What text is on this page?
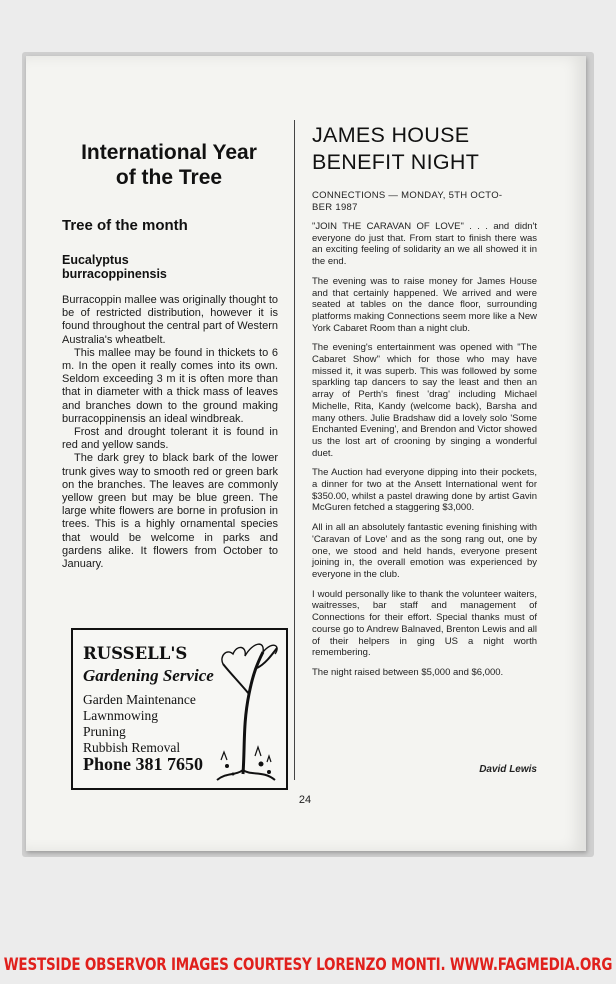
International Year
of the Tree
Tree of the month
Eucalyptus
burracoppinensis

Burracoppin mallee was originally thought to be of restricted distribution, however it is found throughout the central part of Western Australia's wheatbelt.

This mallee may be found in thickets to 6 m. In the open it really comes into its own. Seldom exceeding 3 m it is often more than that in diameter with a thick mass of leaves and branches down to the ground making burracoppinensis an ideal windbreak.

Frost and drought tolerant it is found in red and yellow sands.

The dark grey to black bark of the lower trunk gives way to smooth red or green bark on the branches. The leaves are commonly yellow green but may be blue green. The large white flowers are borne in profusion in trees. This is a highly ornamental species that would be welcome in parks and gardens alike. It flowers from October to January.

RUSSELL'S
Gardening Service
Garden Maintenance
Lawnmowing
Pruning
Rubbish Removal
Phone 381 7650
JAMES HOUSE
BENEFIT NIGHT
CONNECTIONS — MONDAY, 5TH OCTO-
BER 1987

"JOIN THE CARAVAN OF LOVE" . . . and didn't everyone do just that. From start to finish there was an exciting feeling of solidarity an we all showed it in the end.

The evening was to raise money for James House and that certainly happened. We arrived and were seated at tables on the dance floor, surrounding platforms making Connections seem more like a New York Cabaret Room than a night club.

The evening's entertainment was opened with "The Cabaret Show" which for those who may have missed it, it was superb. This was followed by some sparkling tap dancers to say the least and then an array of Perth's finest 'drag' including Michael Michelle, Rita, Kandy (welcome back), Barsha and many others. Julie Bradshaw did a lovely solo 'Some Enchanted Evening', and Brendon and Victor showed us the lost art of crooning by singing a wonderful duet.

The Auction had everyone dipping into their pockets, a dinner for two at the Ansett International went for $350.00, whilst a pastel drawing done by artist Gavin McGuren fetched a staggering $3,000.

All in all an absolutely fantastic evening finishing with 'Caravan of Love' and as the song rang out, one by one, we stood and held hands, everyone present joining in, the overall emotion was experienced by everyone in the club.

I would personally like to thank the volunteer waiters, waitresses, bar staff and management of Connections for their effort. Special thanks must of course go to Andrew Balnaved, Brenton Lewis and all of their helpers in ging US a night worth remembering.

The night raised between $5,000 and $6,000.

David Lewis
24
WESTSIDE OBSERVOR IMAGES COURTESY LORENZO MONTI. WWW.FAGMEDIA.ORG
